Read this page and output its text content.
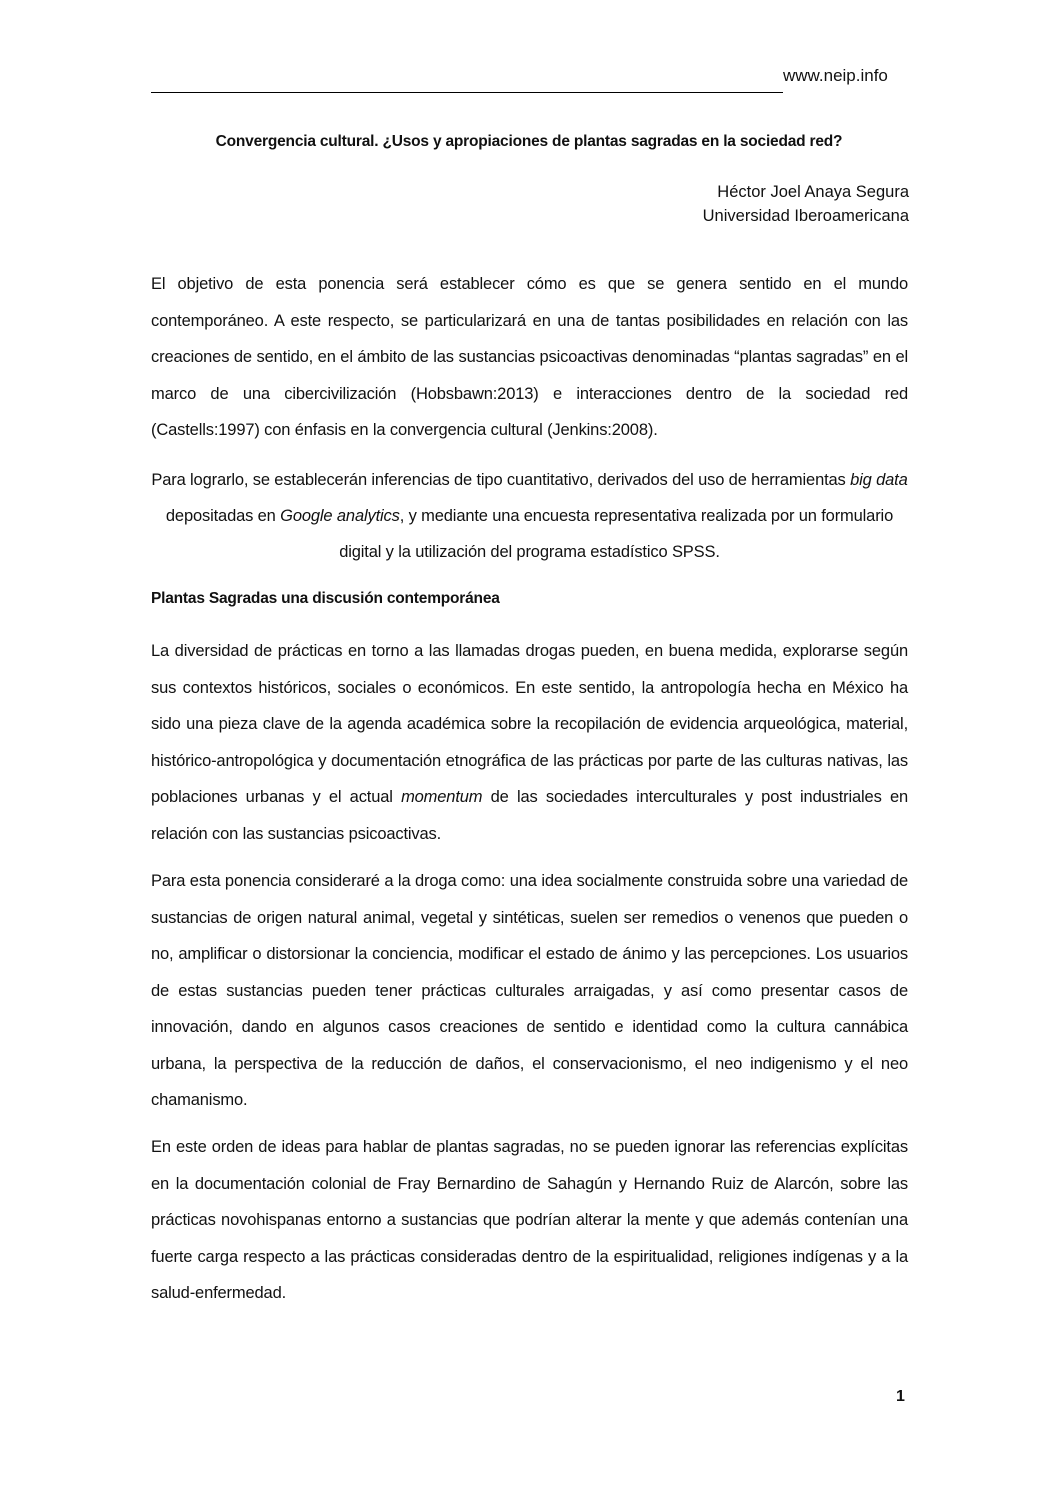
www.neip.info
Convergencia cultural. ¿Usos y apropiaciones de plantas sagradas en la sociedad red?
Héctor Joel Anaya Segura
Universidad Iberoamericana

El objetivo de esta ponencia será establecer cómo es que se genera sentido en el mundo contemporáneo. A este respecto, se particularizará en una de tantas posibilidades en relación con las creaciones de sentido, en el ámbito de las sustancias psicoactivas denominadas “plantas sagradas” en el marco de una cibercivilización (Hobsbawn:2013) e interacciones dentro de la sociedad red (Castells:1997) con énfasis en la convergencia cultural (Jenkins:2008).

Para lograrlo, se establecerán inferencias de tipo cuantitativo, derivados del uso de herramientas big data depositadas en Google analytics, y mediante una encuesta representativa realizada por un formulario digital y la utilización del programa estadístico SPSS.

Plantas Sagradas una discusión contemporánea

La diversidad de prácticas en torno a las llamadas drogas pueden, en buena medida, explorarse según sus contextos históricos, sociales o económicos. En este sentido, la antropología hecha en México ha sido una pieza clave de la agenda académica sobre la recopilación de evidencia arqueológica, material, histórico-antropológica y documentación etnográfica de las prácticas por parte de las culturas nativas, las poblaciones urbanas y el actual momentum de las sociedades interculturales y post industriales en relación con las sustancias psicoactivas.

Para esta ponencia consideraré a la droga como: una idea socialmente construida sobre una variedad de sustancias de origen natural animal, vegetal y sintéticas, suelen ser remedios o venenos que pueden o no, amplificar o distorsionar la conciencia, modificar el estado de ánimo y las percepciones. Los usuarios de estas sustancias pueden tener prácticas culturales arraigadas, y así como presentar casos de innovación, dando en algunos casos creaciones de sentido e identidad como la cultura cannábica urbana, la perspectiva de la reducción de daños, el conservacionismo, el neo indigenismo y el neo chamanismo.

En este orden de ideas para hablar de plantas sagradas, no se pueden ignorar las referencias explícitas en la documentación colonial de Fray Bernardino de Sahagún y Hernando Ruiz de Alarcón, sobre las prácticas novohispanas entorno a sustancias que podrían alterar la mente y que además contenían una fuerte carga respecto a las prácticas consideradas dentro de la espiritualidad, religiones indígenas y a la salud-enfermedad.

1
